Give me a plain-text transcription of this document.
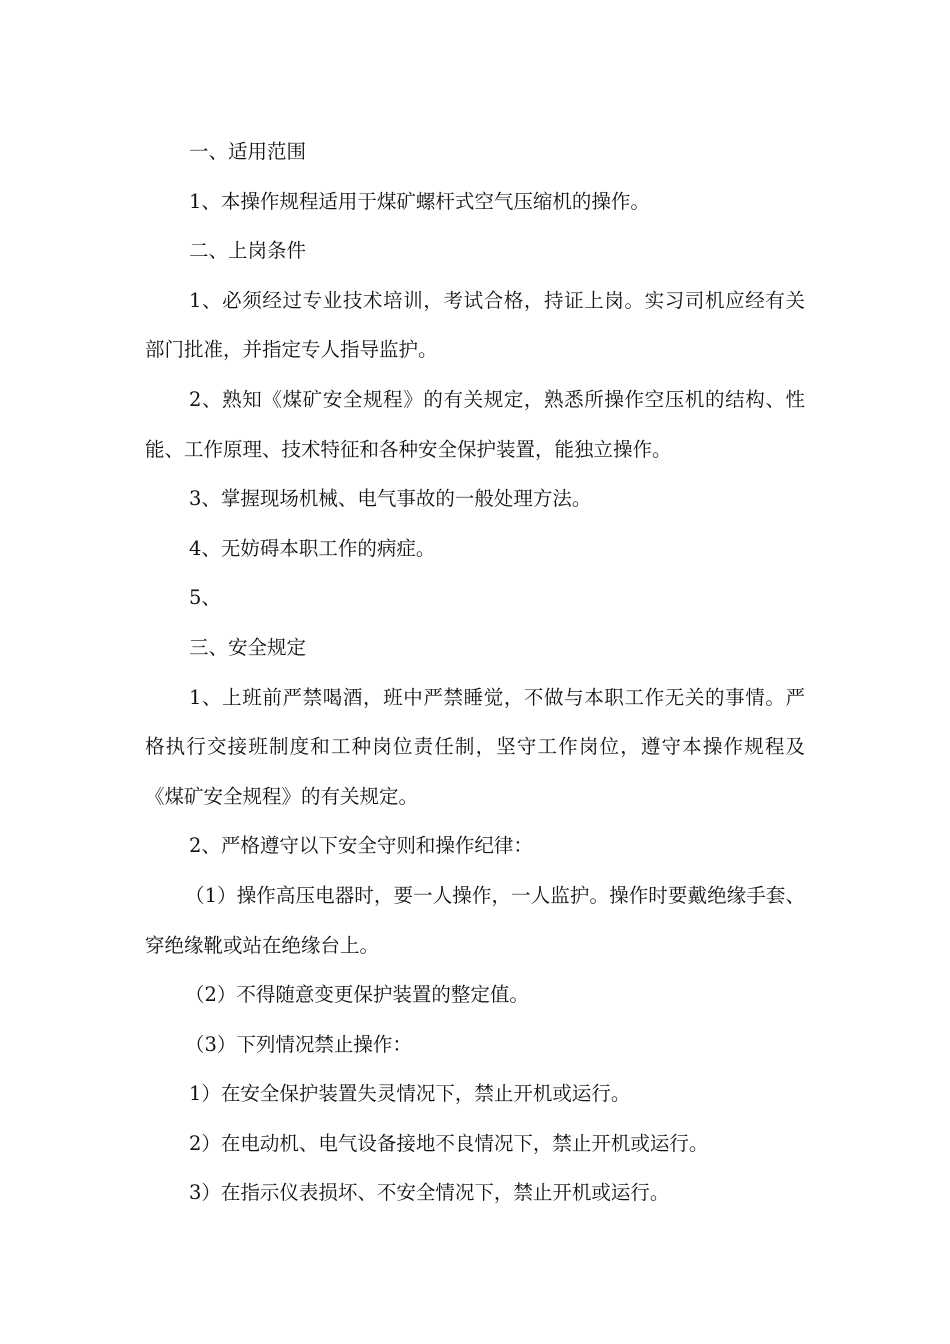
一、适用范围

1、本操作规程适用于煤矿螺杆式空气压缩机的操作。

二、上岗条件

1、必须经过专业技术培训，考试合格，持证上岗。实习司机应经有关部门批准，并指定专人指导监护。

2、熟知《煤矿安全规程》的有关规定，熟悉所操作空压机的结构、性能、工作原理、技术特征和各种安全保护装置，能独立操作。

3、掌握现场机械、电气事故的一般处理方法。

4、无妨碍本职工作的病症。

5、

三、安全规定

1、上班前严禁喝酒，班中严禁睡觉，不做与本职工作无关的事情。严格执行交接班制度和工种岗位责任制，坚守工作岗位，遵守本操作规程及《煤矿安全规程》的有关规定。

2、严格遵守以下安全守则和操作纪律：

（1）操作高压电器时，要一人操作，一人监护。操作时要戴绝缘手套、穿绝缘靴或站在绝缘台上。

（2）不得随意变更保护装置的整定值。

（3）下列情况禁止操作：

1）在安全保护装置失灵情况下，禁止开机或运行。

2）在电动机、电气设备接地不良情况下，禁止开机或运行。

3）在指示仪表损坏、不安全情况下，禁止开机或运行。
